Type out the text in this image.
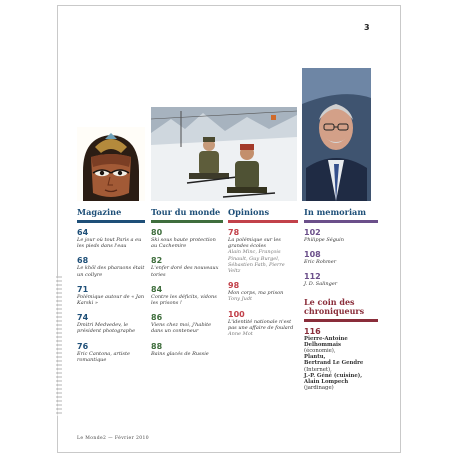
3
Magazine
64
Le jour où tout Paris a eu les pieds dans l'eau
68
Le khôl des pharaons était un collyre
71
Polémique autour de « Jan Karski »
74
Dmitri Medvedev, le président photographe
76
Eric Cantona, artiste romantique
Tour du monde
80
Ski sous haute protection au Cachemire
82
L'enfer doré des nouveaux tories
84
Contre les déficits, vidons les prisons !
86
Viens chez moi, j'habite dans un conteneur
88
Bains glacés de Russie
Opinions
78
La polémique sur les grandes écoles
Alain Minc, François Pinault, Guy Burgel, Sébastien Fath, Pierre Veltz
98
Mon corps, ma prison
Tony Judt
100
L'identité nationale n'est pas une affaire de foulard
Anne Mot
In memoriam
102
Philippe Séguin
108
Eric Rohmer
112
J. D. Salinger
Le coin des
chroniqueurs
116
Pierre-Antoine
Delhommais
(économie),
Plantu,
Bertrand Le Gendre
(Internet),
J.-P. Géné (cuisine),
Alain Lompech
(jardinage)
Le Monde2 — Février 2010
